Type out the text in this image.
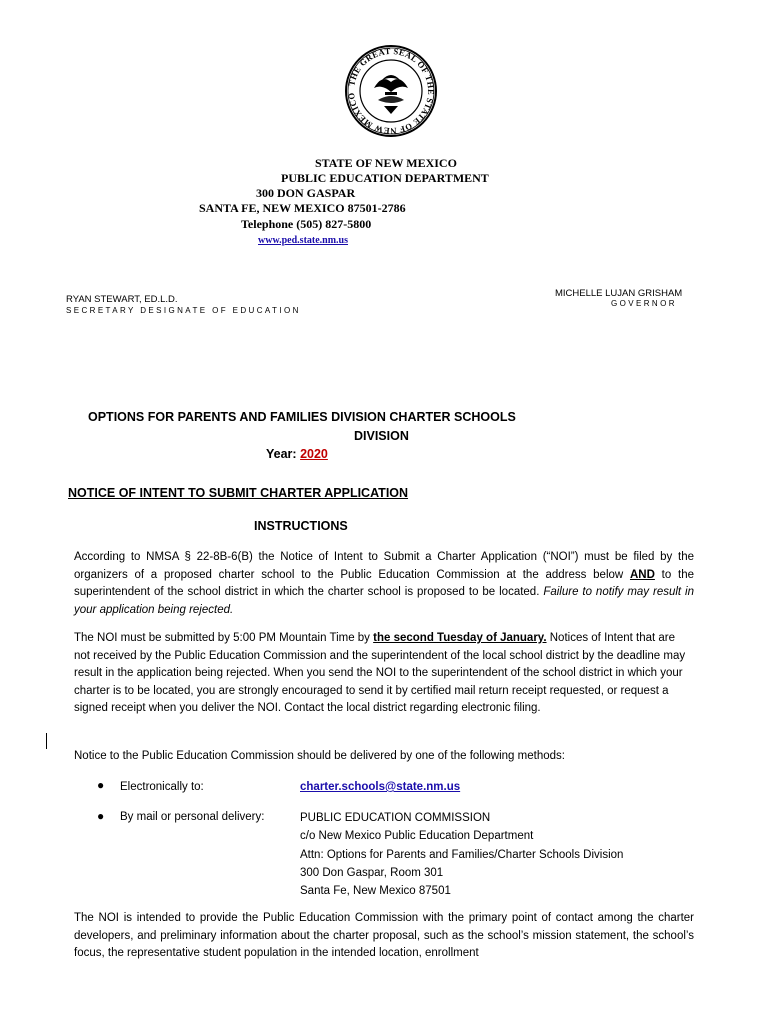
THE GREAT SEAL OF THE STATE OF NEW MEXICO
STATE OF NEW MEXICO
PUBLIC EDUCATION DEPARTMENT
300 DON GASPAR
SANTA FE, NEW MEXICO 87501-2786
Telephone (505) 827-5800
www.ped.state.nm.us
RYAN STEWART, ED.L.D.
SECRETARY DESIGNATE OF EDUCATION
MICHELLE LUJAN GRISHAM
GOVERNOR
OPTIONS FOR PARENTS AND FAMILIES DIVISION CHARTER SCHOOLS
DIVISION
Year: 2020
NOTICE OF INTENT TO SUBMIT CHARTER APPLICATION
INSTRUCTIONS
According to NMSA § 22-8B-6(B) the Notice of Intent to Submit a Charter Application (“NOI”) must be filed by the organizers of a proposed charter school to the Public Education Commission at the address below AND to the superintendent of the school district in which the charter school is proposed to be located. Failure to notify may result in your application being rejected.
The NOI must be submitted by 5:00 PM Mountain Time by the second Tuesday of January. Notices of Intent that are not received by the Public Education Commission and the superintendent of the local school district by the deadline may result in the application being rejected. When you send the NOI to the superintendent of the school district in which your charter is to be located, you are strongly encouraged to send it by certified mail return receipt requested, or request a signed receipt when you deliver the NOI. Contact the local district regarding electronic filing.
Notice to the Public Education Commission should be delivered by one of the following methods:
● Electronically to:	charter.schools@state.nm.us
● By mail or personal delivery:	PUBLIC EDUCATION COMMISSION
c/o New Mexico Public Education Department
Attn: Options for Parents and Families/Charter Schools Division
300 Don Gaspar, Room 301
Santa Fe, New Mexico 87501
The NOI is intended to provide the Public Education Commission with the primary point of contact among the charter developers, and preliminary information about the charter proposal, such as the school’s mission statement, the school’s focus, the representative student population in the intended location, enrollment
